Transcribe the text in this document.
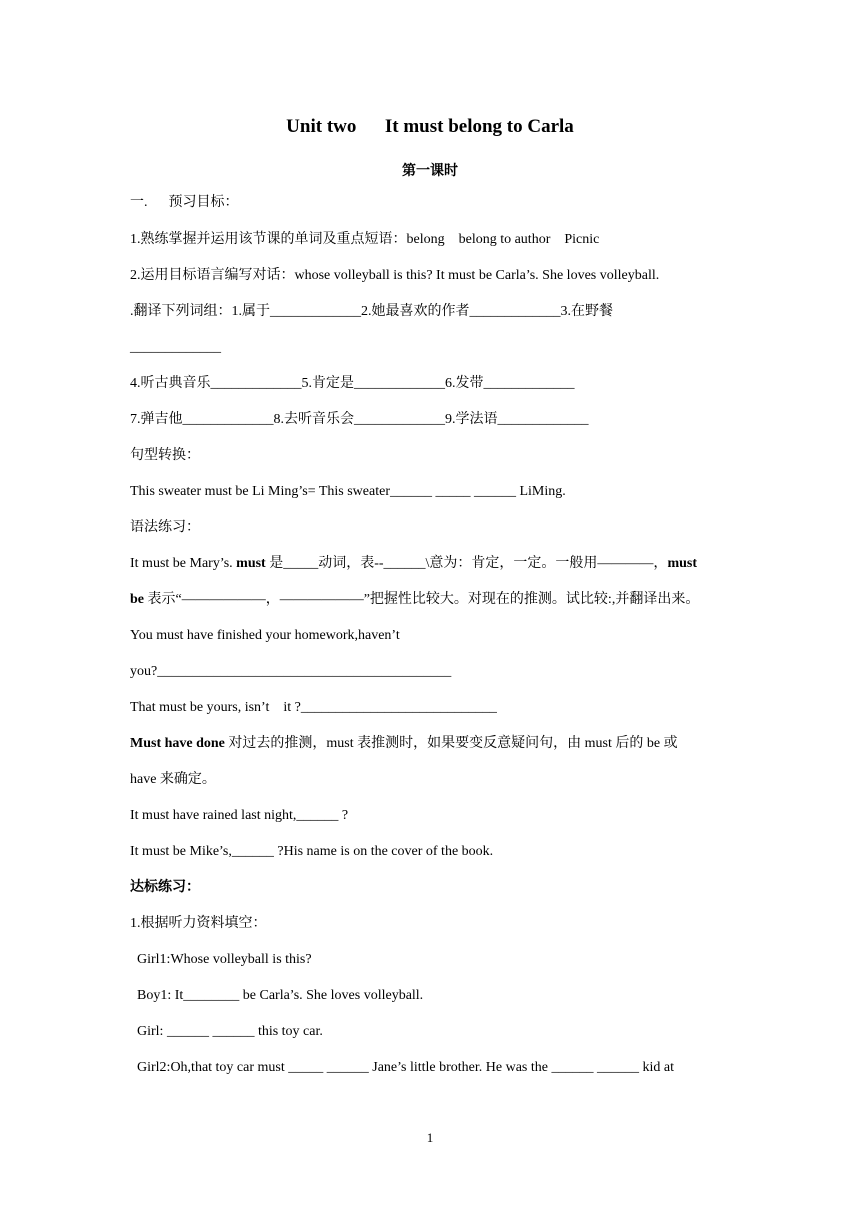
Unit two      It must belong to Carla
第一课时
一.      预习目标：
1.熟练掌握并运用该节课的单词及重点短语：belong    belong to author    Picnic
2.运用目标语言编写对话：whose volleyball is this? It must be Carla’s. She loves volleyball.
.翻译下列词组：1.属于_____________2.她最喜欢的作者_____________3.在野餐
_____________
4.听古典音乐_____________5.肯定是_____________6.发带_____________
7.弹吉他_____________8.去听音乐会_____________9.学法语_____________
句型转换：
This sweater must be Li Ming’s= This sweater______ _____ ______ LiMing.
语法练习：
It must be Mary’s. must 是_____动词，表--______\意为：肯定，一定。一般用————，must
be 表示“——————，——————”把握性比较大。对现在的推测。试比较:,并翻译出来。
You must have finished your homework,haven’t
you?__________________________________________
That must be yours, isn’t    it ?____________________________
Must have done 对过去的推测，must 表推测时，如果要变反意疑问句，由 must 后的 be 或
have 来确定。
It must have rained last night,______ ?
It must be Mike’s,______ ?His name is on the cover of the book.
达标练习：
1.根据听力资料填空：
Girl1:Whose volleyball is this?
Boy1: It________ be Carla’s. She loves volleyball.
Girl: ______ ______ this toy car.
Girl2:Oh,that toy car must _____ ______ Jane’s little brother. He was the ______ ______ kid at
1
